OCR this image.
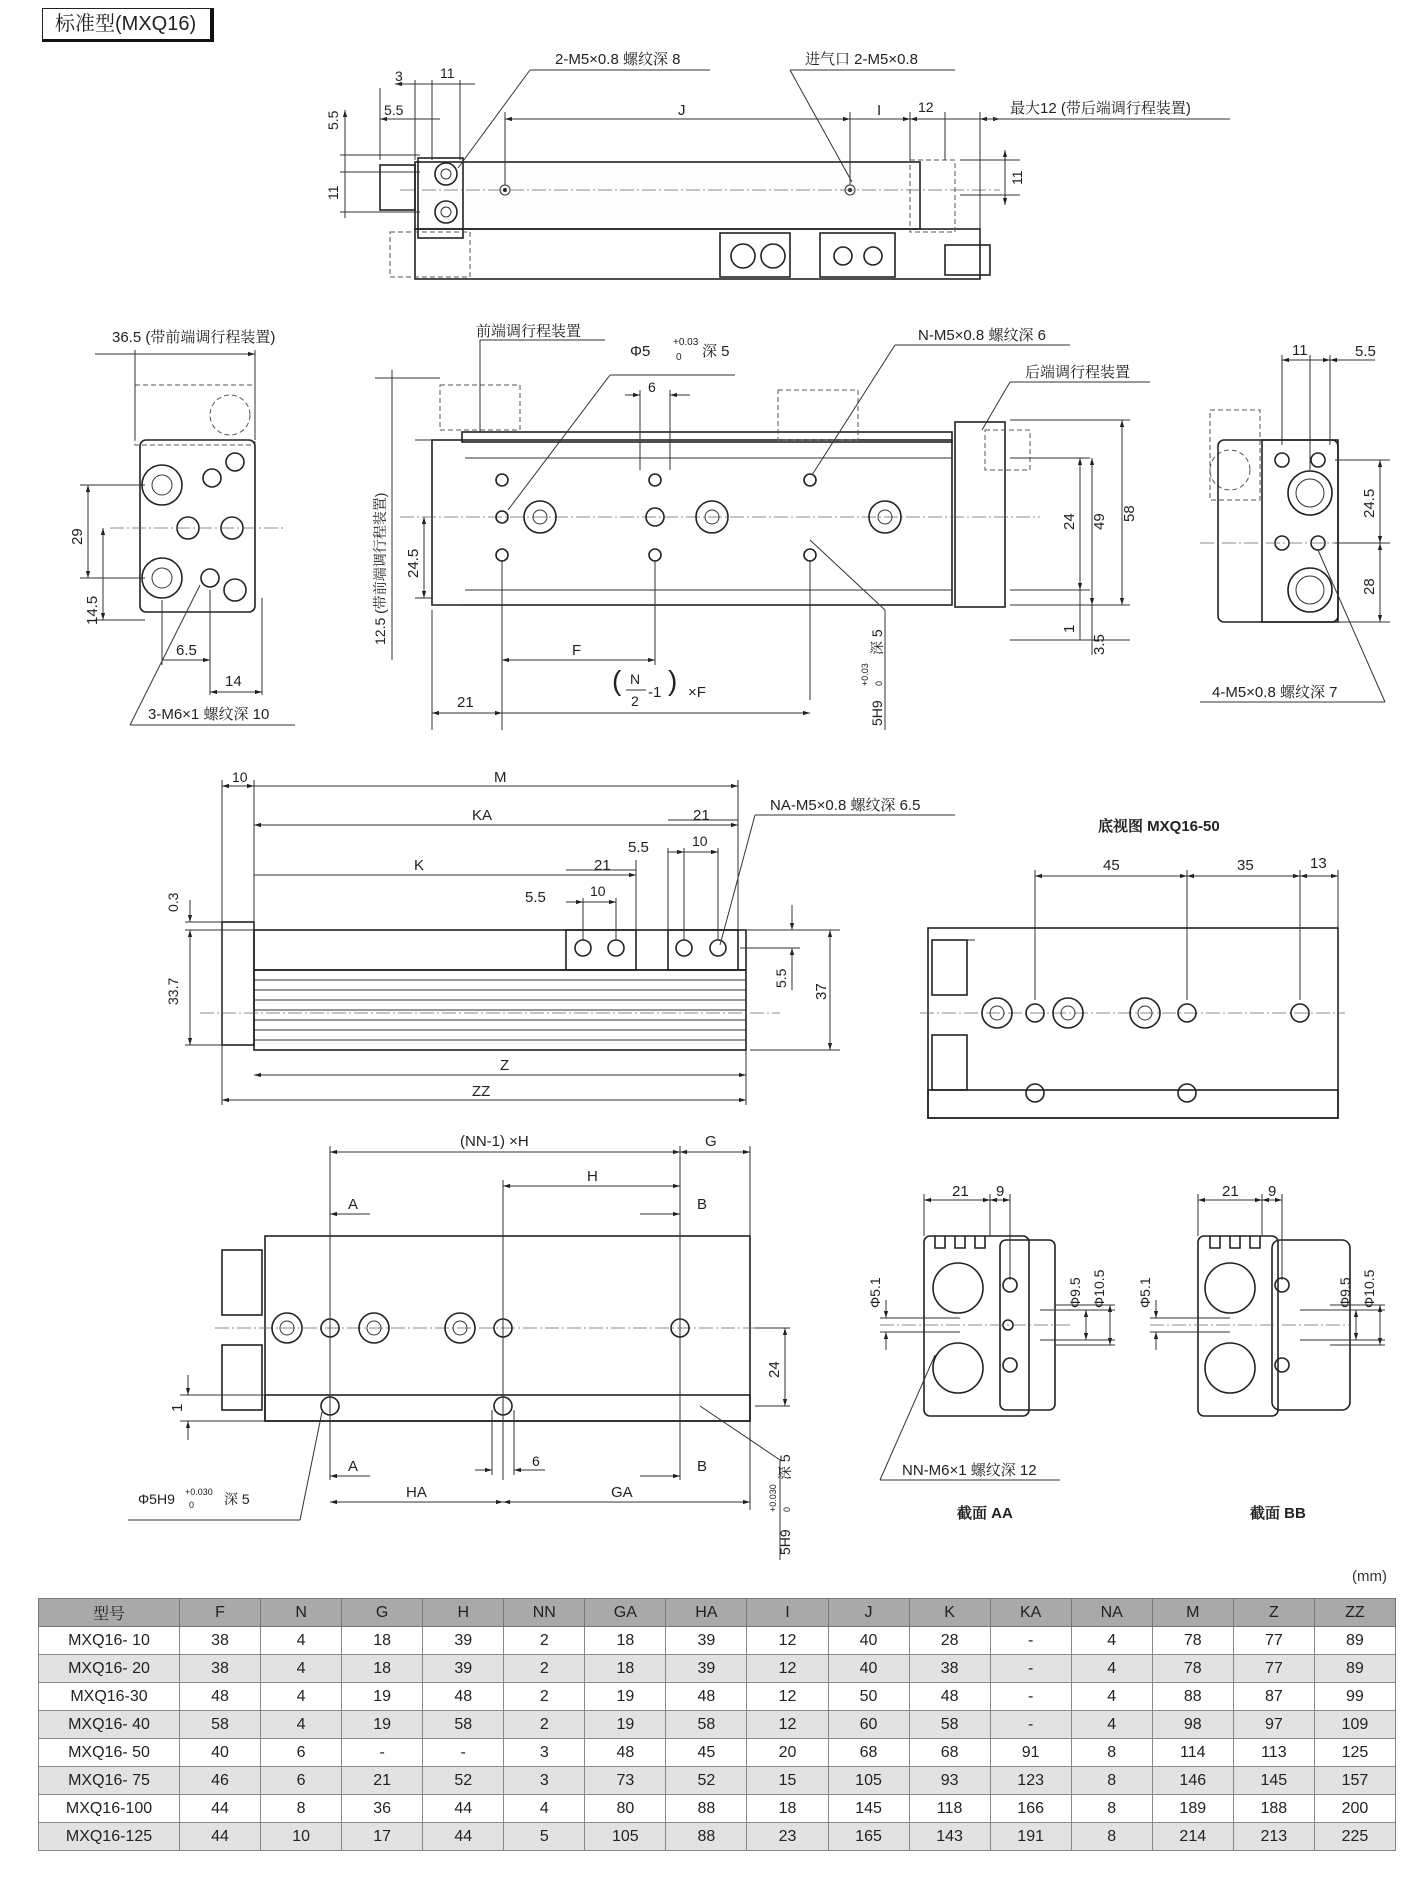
标准型(MXQ16)
3	11
5.5
5.5
11
J	I	12
11
2-M5×0.8 螺纹深 8	进气口 2-M5×0.8
最大12 (带后端调行程装置)
36.5 (带前端调行程装置)
29
14.5
6.5
14
3-M6×1 螺纹深 10
前端调行程装置
Φ5
+0.03
0 深 5
N-M5×0.8 螺纹深 6
后端调行程装置
12.5 (带前端调行程装置)
6
24.5
24 49 58
1
3.5
F
21
( N
2 -1 ) ×F
5H9
+0.03 0
深 5
11	5.5
24.5
28
4-M5×0.8 螺纹深 7
10	M
KA	21
5.5	10
K	21
5.5	10
0.3
33.7	5.5
37
Z
ZZ
NA-M5×0.8 螺纹深 6.5
底视图 MXQ16-50
45	35	13
(NN-1) ×H	G
H
A	B
A	B
24
1
6
HA	GA
Φ5H9 +0.030
0 深 5
5H9
+0.030 0
深 5
21 9
Φ5.1	Φ9.5 Φ10.5
NN-M6×1 螺纹深 12
截面 AA
21 9
Φ5.1	Φ9.5 Φ10.5
截面 BB
(mm)
型号	F	N	G	H	NN	GA	HA	I	J	K	KA	NA	M	Z	ZZ
MXQ16- 10	38	4	18	39	2	18	39	12	40	28	-	4	78	77	89
MXQ16- 20	38	4	18	39	2	18	39	12	40	38	-	4	78	77	89
MXQ16-30	48	4	19	48	2	19	48	12	50	48	-	4	88	87	99
MXQ16- 40	58	4	19	58	2	19	58	12	60	58	-	4	98	97	109
MXQ16- 50	40	6	-	-	3	48	45	20	68	68	91	8	114	113	125
MXQ16- 75	46	6	21	52	3	73	52	15	105	93	123	8	146	145	157
MXQ16-100	44	8	36	44	4	80	88	18	145	118	166	8	189	188	200
MXQ16-125	44	10	17	44	5	105	88	23	165	143	191	8	214	213	225
